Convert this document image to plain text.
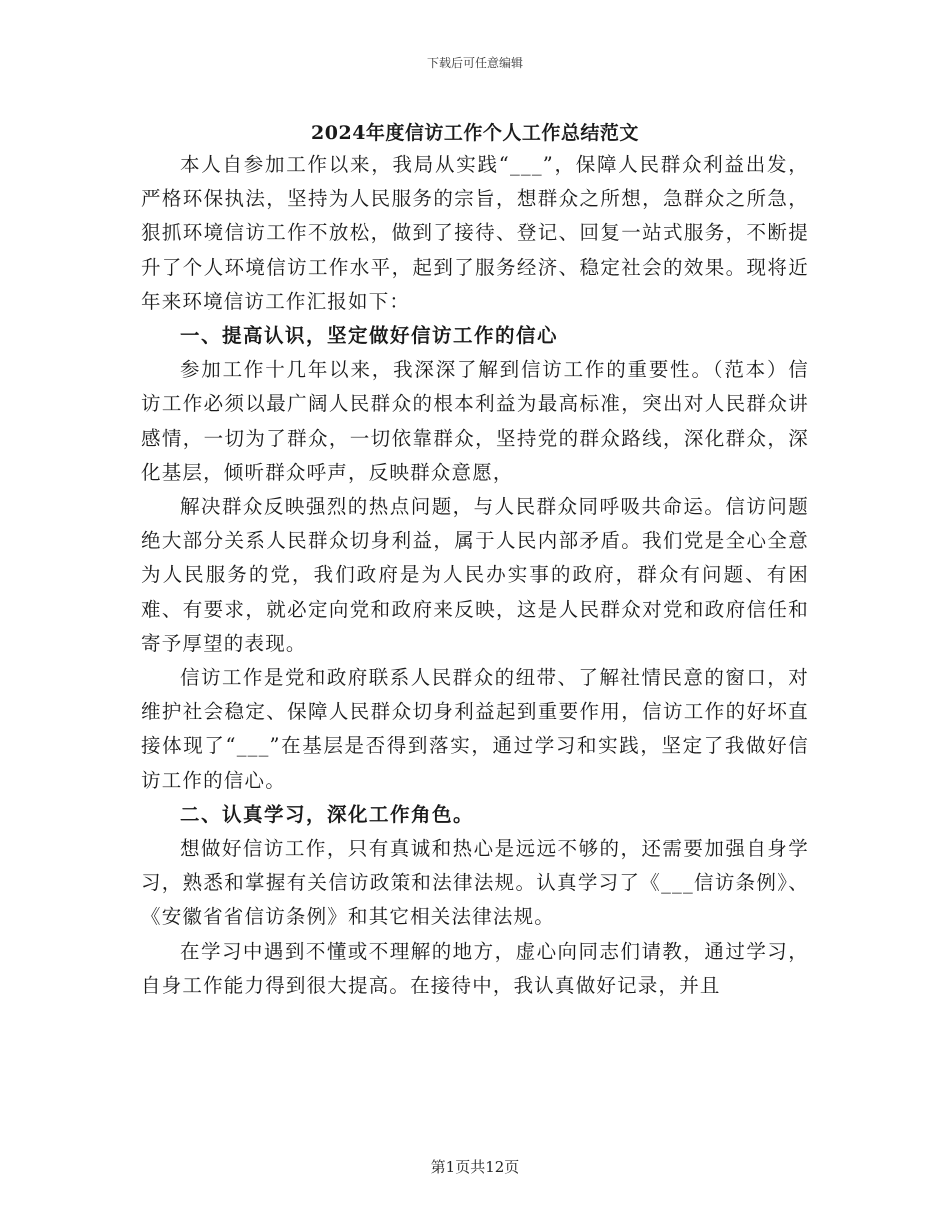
下载后可任意编辑
2024年度信访工作个人工作总结范文

本人自参加工作以来，我局从实践“___”，保障人民群众利益出发，严格环保执法，坚持为人民服务的宗旨，想群众之所想，急群众之所急，狠抓环境信访工作不放松，做到了接待、登记、回复一站式服务，不断提升了个人环境信访工作水平，起到了服务经济、稳定社会的效果。现将近年来环境信访工作汇报如下：

一、提高认识，坚定做好信访工作的信心

参加工作十几年以来，我深深了解到信访工作的重要性。（范本）信访工作必须以最广阔人民群众的根本利益为最高标准，突出对人民群众讲感情，一切为了群众，一切依靠群众，坚持党的群众路线，深化群众，深化基层，倾听群众呼声，反映群众意愿，

解决群众反映强烈的热点问题，与人民群众同呼吸共命运。信访问题绝大部分关系人民群众切身利益，属于人民内部矛盾。我们党是全心全意为人民服务的党，我们政府是为人民办实事的政府，群众有问题、有困难、有要求，就必定向党和政府来反映，这是人民群众对党和政府信任和寄予厚望的表现。

信访工作是党和政府联系人民群众的纽带、了解社情民意的窗口，对维护社会稳定、保障人民群众切身利益起到重要作用，信访工作的好坏直接体现了“___”在基层是否得到落实，通过学习和实践，坚定了我做好信访工作的信心。

二、认真学习，深化工作角色。

想做好信访工作，只有真诚和热心是远远不够的，还需要加强自身学习，熟悉和掌握有关信访政策和法律法规。认真学习了《___信访条例》、《安徽省省信访条例》和其它相关法律法规。

在学习中遇到不懂或不理解的地方，虚心向同志们请教，通过学习，自身工作能力得到很大提高。在接待中，我认真做好记录，并且

第1页共12页
